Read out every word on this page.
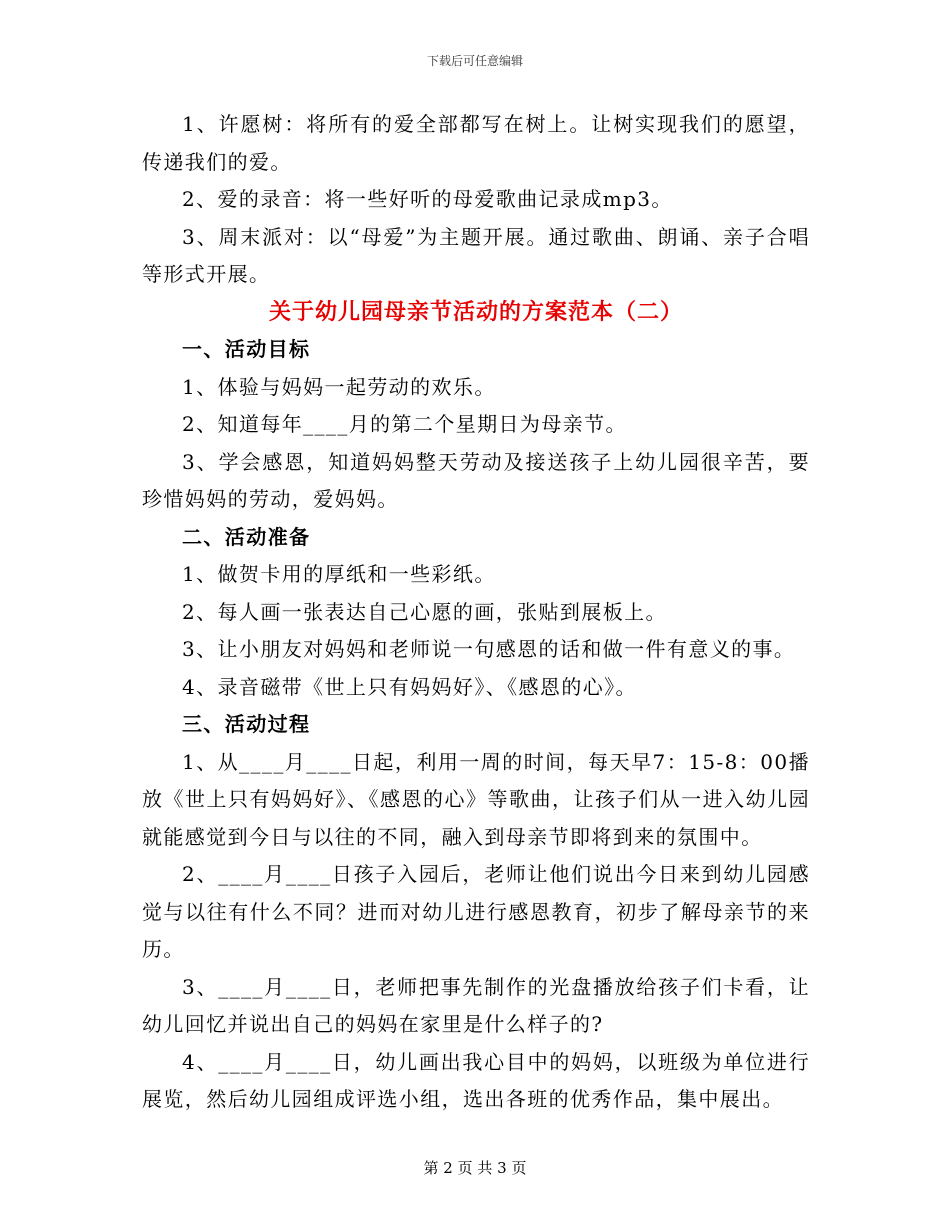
下载后可任意编辑

1、许愿树：将所有的爱全部都写在树上。让树实现我们的愿望，传递我们的爱。

2、爱的录音：将一些好听的母爱歌曲记录成mp3。

3、周末派对：以“母爱”为主题开展。通过歌曲、朗诵、亲子合唱等形式开展。

关于幼儿园母亲节活动的方案范本（二）

一、活动目标

1、体验与妈妈一起劳动的欢乐。

2、知道每年____月的第二个星期日为母亲节。

3、学会感恩，知道妈妈整天劳动及接送孩子上幼儿园很辛苦，要珍惜妈妈的劳动，爱妈妈。

二、活动准备

1、做贺卡用的厚纸和一些彩纸。

2、每人画一张表达自己心愿的画，张贴到展板上。

3、让小朋友对妈妈和老师说一句感恩的话和做一件有意义的事。

4、录音磁带《世上只有妈妈好》、《感恩的心》。

三、活动过程

1、从____月____日起，利用一周的时间，每天早7：15-8：00播放《世上只有妈妈好》、《感恩的心》等歌曲，让孩子们从一进入幼儿园就能感觉到今日与以往的不同，融入到母亲节即将到来的氛围中。

2、____月____日孩子入园后，老师让他们说出今日来到幼儿园感觉与以往有什么不同？进而对幼儿进行感恩教育，初步了解母亲节的来历。

3、____月____日，老师把事先制作的光盘播放给孩子们卡看，让幼儿回忆并说出自己的妈妈在家里是什么样子的?

4、____月____日，幼儿画出我心目中的妈妈，以班级为单位进行展览，然后幼儿园组成评选小组，选出各班的优秀作品，集中展出。

第 2 页 共 3 页
